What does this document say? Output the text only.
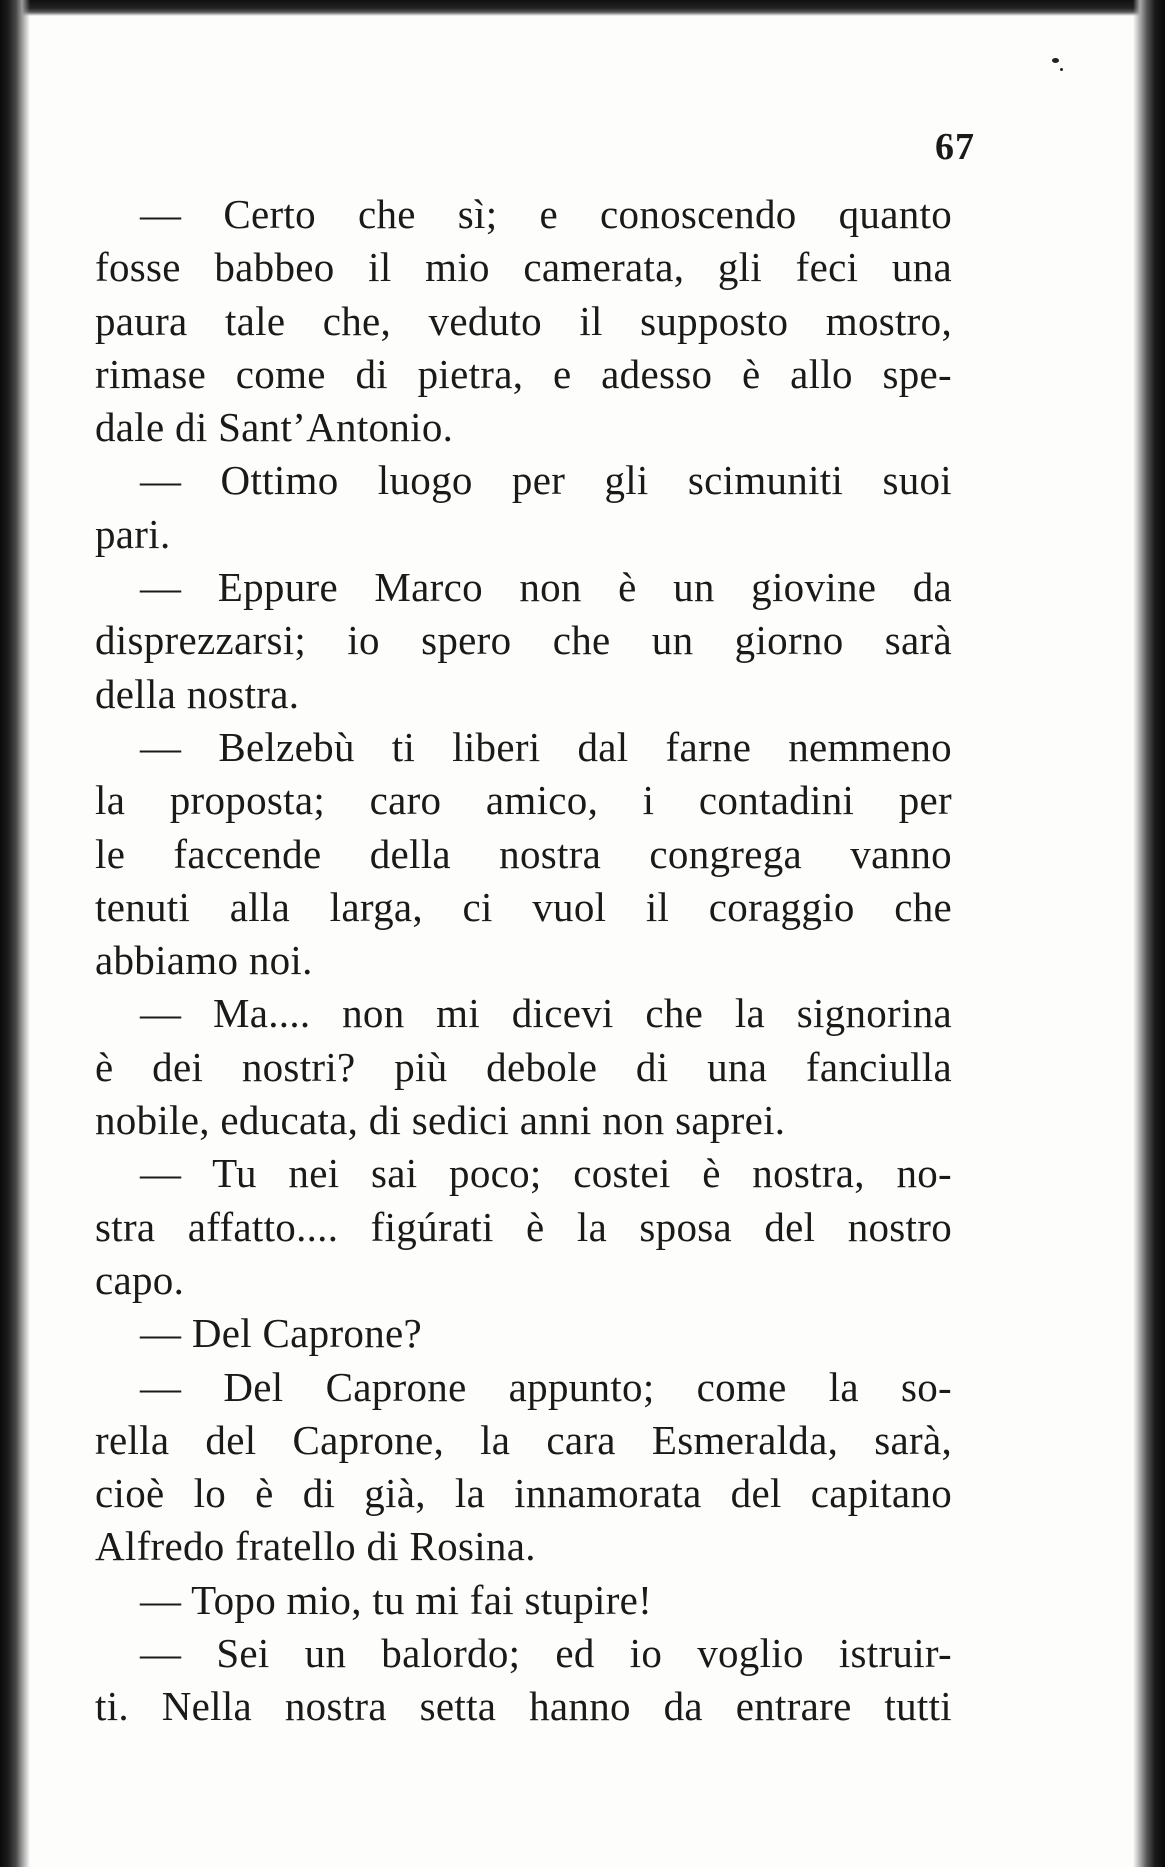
67
— Certo che sì; e conoscendo quanto
fosse babbeo il mio camerata, gli feci una
paura tale che, veduto il supposto mostro,
rimase come di pietra, e adesso è allo spe-
dale di Sant’Antonio.
— Ottimo luogo per gli scimuniti suoi
pari.
— Eppure Marco non è un giovine da
disprezzarsi; io spero che un giorno sarà
della nostra.
— Belzebù ti liberi dal farne nemmeno
la proposta; caro amico, i contadini per
le faccende della nostra congrega vanno
tenuti alla larga, ci vuol il coraggio che
abbiamo noi.
— Ma.... non mi dicevi che la signorina
è dei nostri? più debole di una fanciulla
nobile, educata, di sedici anni non saprei.
— Tu nei sai poco; costei è nostra, no-
stra affatto.... figúrati è la sposa del nostro
capo.
— Del Caprone?
— Del Caprone appunto; come la so-
rella del Caprone, la cara Esmeralda, sarà,
cioè lo è di già, la innamorata del capitano
Alfredo fratello di Rosina.
— Topo mio, tu mi fai stupire!
— Sei un balordo; ed io voglio istruir-
ti. Nella nostra setta hanno da entrare tutti
